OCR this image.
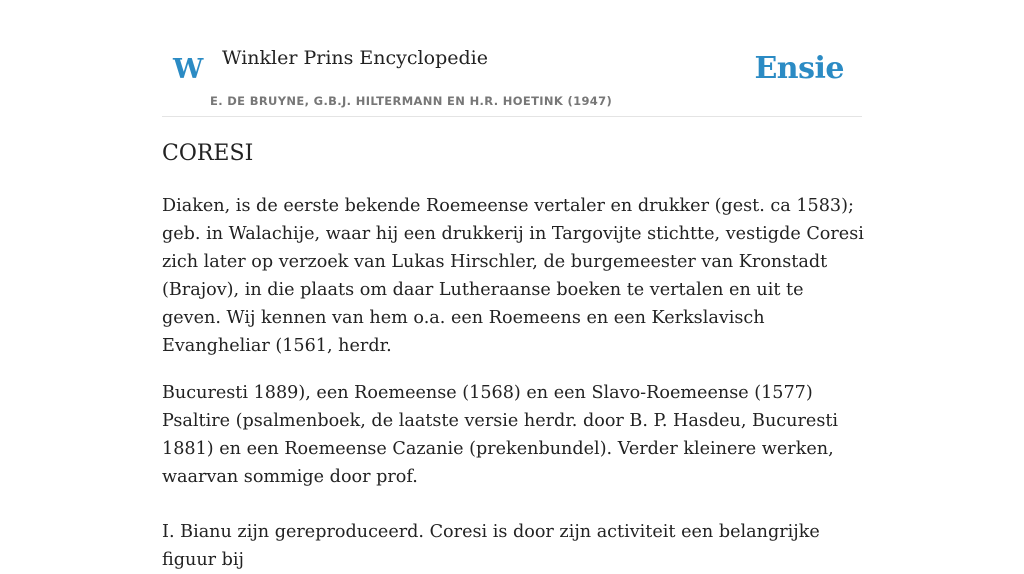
W Winkler Prins Encyclopedie
E. DE BRUYNE, G.B.J. HILTERMANN EN H.R. HOETINK (1947)
Ensie
CORESI

Diaken, is de eerste bekende Roemeense vertaler en drukker (gest. ca 1583); geb. in Walachije, waar hij een drukkerij in Targovijte stichtte, vestigde Coresi zich later op verzoek van Lukas Hirschler, de burgemeester van Kronstadt (Brajov), in die plaats om daar Lutheraanse boeken te vertalen en uit te geven. Wij kennen van hem o.a. een Roemeens en een Kerkslavisch Evangheliar (1561, herdr.

Bucuresti 1889), een Roemeense (1568) en een Slavo-Roemeense (1577) Psaltire (psalmenboek, de laatste versie herdr. door B. P. Hasdeu, Bucuresti 1881) en een Roemeense Cazanie (prekenbundel). Verder kleinere werken, waarvan sommige door prof.

I. Bianu zijn gereproduceerd. Coresi is door zijn activiteit een belangrijke figuur bij
